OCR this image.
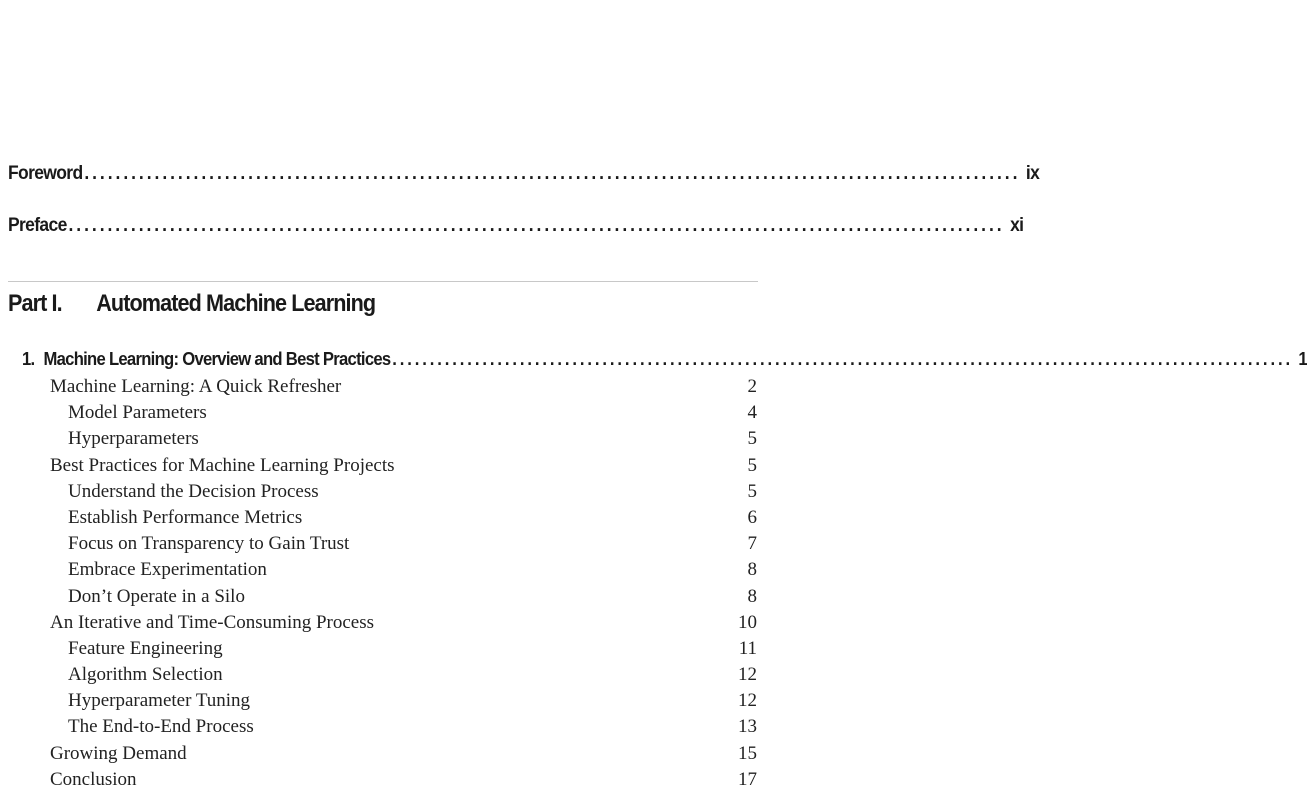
Foreword ........................................................................................................................ ix
Preface ........................................................................................................................ xi
Part I. Automated Machine Learning
1. Machine Learning: Overview and Best Practices ........................................................................................................................ 1
Machine Learning: A Quick Refresher	2
Model Parameters	4
Hyperparameters	5
Best Practices for Machine Learning Projects	5
Understand the Decision Process	5
Establish Performance Metrics	6
Focus on Transparency to Gain Trust	7
Embrace Experimentation	8
Don’t Operate in a Silo	8
An Iterative and Time-Consuming Process	10
Feature Engineering	11
Algorithm Selection	12
Hyperparameter Tuning	12
The End-to-End Process	13
Growing Demand	15
Conclusion	17
